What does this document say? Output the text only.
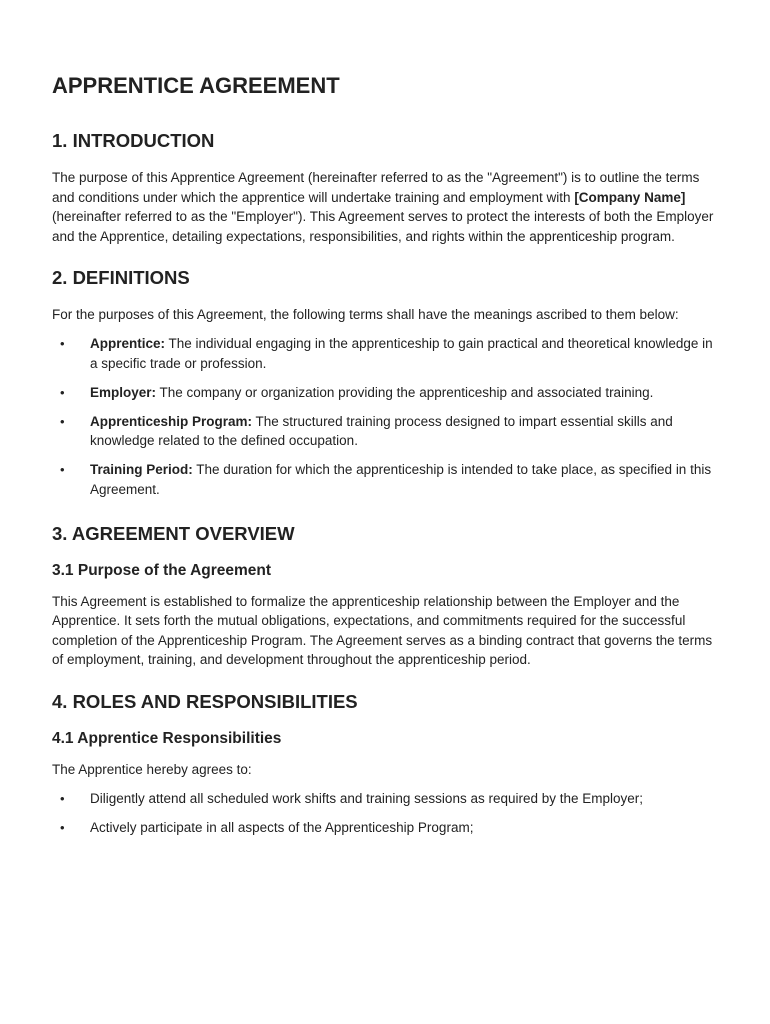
APPRENTICE AGREEMENT
1. INTRODUCTION

The purpose of this Apprentice Agreement (hereinafter referred to as the "Agreement") is to outline the terms and conditions under which the apprentice will undertake training and employment with [Company Name] (hereinafter referred to as the "Employer"). This Agreement serves to protect the interests of both the Employer and the Apprentice, detailing expectations, responsibilities, and rights within the apprenticeship program.

2. DEFINITIONS

For the purposes of this Agreement, the following terms shall have the meanings ascribed to them below:

• Apprentice: The individual engaging in the apprenticeship to gain practical and theoretical knowledge in a specific trade or profession.
• Employer: The company or organization providing the apprenticeship and associated training.
• Apprenticeship Program: The structured training process designed to impart essential skills and knowledge related to the defined occupation.
• Training Period: The duration for which the apprenticeship is intended to take place, as specified in this Agreement.
3. AGREEMENT OVERVIEW
3.1 Purpose of the Agreement

This Agreement is established to formalize the apprenticeship relationship between the Employer and the Apprentice. It sets forth the mutual obligations, expectations, and commitments required for the successful completion of the Apprenticeship Program. The Agreement serves as a binding contract that governs the terms of employment, training, and development throughout the apprenticeship period.

4. ROLES AND RESPONSIBILITIES
4.1 Apprentice Responsibilities

The Apprentice hereby agrees to:

• Diligently attend all scheduled work shifts and training sessions as required by the Employer;
• Actively participate in all aspects of the Apprenticeship Program;
